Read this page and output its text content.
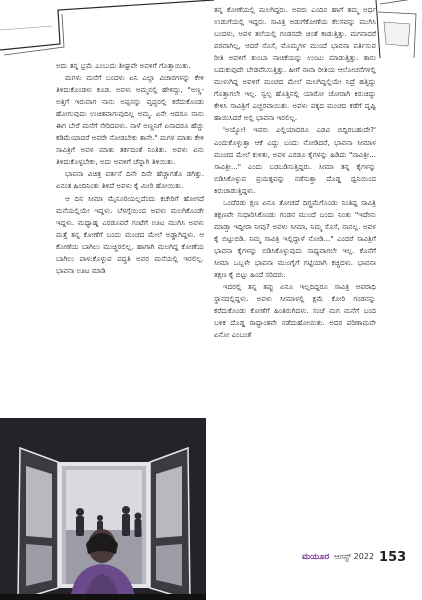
ಅದು ತನ್ನ ಭ್ರಮೆ ಎಂಬುದು ಶೀಘ್ರವೇ ಅವಳಿಗೆ ಗೊತ್ತಾಯಿತು.

ಮಗಳು ಮನೆಗೆ ಬಂದಳು ಏನಿ ಎಲ್ಲಾ ವಿಚಾರಗಳನ್ನು ಕೇಳಿ ತಿಳಿದುಕೊಂಡಳು ಕೂಡ. ಅವಳು ಅಮ್ಮನಲ್ಲಿ ಹೇಳಿದ್ದು, "ಅಣ್ಣ-ಅತ್ತಿಗೆ ಇರುವಾಗ ನಾನು ಅಪ್ಪನನ್ನು ವೃದ್ಧರಲ್ಲಿ ಕರೆದುಕೊಂಡು ಹೋಗುವುದು ಉಚಿತವಾಗುವುದಿಲ್ಲ ಅಮ್ಮ. ಏನೇ ಆದರೂ ನಾನು ಈಗ ಬೇರೆ ಮನೆಗೆ ಸೇರಿದವಳು. ನಾಳೆ ಅಣ್ಣನಿಗೆ ಏನಾದರೂ ಹೆಚ್ಚು ಕಡಿಮೆಯಾದರೆ ಅವರೇ ನೋಡಬೇಕು ತಾನೇ." ಮಗಳ ಮಾತು ಕೇಳಿ ಸಾವಿತ್ರಿಗೆ ಅವಳ ಮಾತು ತರ್ಕದಂತೆ ನಿಂತಿತು. ಅವಳು ಏನು ತಿಳಿದುಕೊಳ್ಳಬೇಕು, ಅದು ಅವಳಿಗೆ ಚೆನ್ನಾಗಿ ತಿಳಿಯಿತು.

ಭಾವನಾ ವಿಚಿತ್ರ ವರ್ತನೆ ದಿನೇ ದಿನೇ ಹೆಚ್ಚಾಗತೊ ಡಗಿತ್ತು. ಏನಂತ ಹಿಂದಿನಿಂತು ತಿಳಿದೆ ಅವಳು ಕೈ ಮೀರಿ ಹೋಯಿತು.

ಆ ದಿನ ಸೀಮಾ ಮೈಸೂರಿಯಲ್ಲದೆಂದು ಕಚೇರಿಗೆ ಹೋಗದೆ ಮನೆಯಲ್ಲಿಯೇ ಇದ್ದಳು. ಬೆಳಗ್ಗೆಯಿಂದ ಅವಳು ಮಲಗಿಕೊಂಡೇ ಇದ್ದಳು. ಮಧ್ಯಾಹ್ನ ಎರಡೂವರೆ ಗಂಟೆಗೆ ಊಟ ಮುಗಿಸಿ ಅವಳು ಮತ್ತೆ ತನ್ನ ಕೋಣೆಗೆ ಬಂದು ಮಂಚದ ಮೇಲೆ ಅಡ್ಡಾಗಿದ್ದಳು. ಆ ಕೋಣೆಯ ಬಾಗಿಲು ಮುಚ್ಚಿರಲಿಲ್ಲ. ಹಾಗಾಗಿ ಮಲಗಿದ್ದ ಕೋಣೆಯ ಬಾಗಿಲು ಪಾಳುಕೊಳ್ಳುವ ಪದ್ಧತಿ ಅವರ ಮನೆಯಲ್ಲಿ ಇರಲಿಲ್ಲ. ಭಾವನಾ ಊಟ ಮಾಡಿ

ತನ್ನ ಕೋಣೆಯಲ್ಲಿ ಮಲಗಿದ್ದರು. ಅವರು ಎಂದಿನ ಹಾಗೆ ತಮ್ಮ ಅರ್ಧ ಉಡುಗೆಯಲ್ಲಿ ಇದ್ದರು. ಸಾವಿತ್ರಿ ಅಡುಗೆಕೋಣೆಯ ಕೆಲಸವನ್ನು ಮುಗಿಸಿ ಬಂದಳು, ಅವಳ ತಲೆಯಲ್ಲಿ ಗಂಡನದೇ ಚಿಂತೆ ಕಾಡುತ್ತಿತ್ತು. ಮಗನಾದರೆ ಪರವಾಗಿಲ್ಲ, ಆದರೆ ಸೊಸೆ, ಮೊಮ್ಮಗಳ ಮುಂದೆ ಭಾವನಾ ವರ್ತಿಸುವ ರೀತಿ ಅವಳಿಗೆ ತುಂಬಾ ನಾಚಿಕೆಯನ್ನು ಉಂಟು ಮಾಡುತ್ತಿತ್ತು. ತಾನು ಬದುಕುವುದೇ ಬೇಡವೆನಿಸುತ್ತಿತ್ತು. ಹೀಗೆ ನಾನಾ ರೀತಿಯ ಆಲೋಚನೆಗಳಲ್ಲಿ ಮುಳುಗಿದ್ದ ಅವಳಿಗೆ ಮಂಚದ ಮೇಲೆ ಮಲಗಿದ್ದಲ್ಲಿಯೇ ನಿದ್ರೆ ಹತ್ತಿದ್ದು ಗೊತ್ತಾಗಲೇ ಇಲ್ಲ. ಸ್ವಲ್ಪ ಹೊತ್ತಿನಲ್ಲಿ ಯಾರೋ ಜೋರಾಗಿ ಕಿರುಚಿದ್ದು ಕೇಳಿಸಿ ಸಾವಿತ್ರಿಗೆ ಎಚ್ಚರವಾಯಿತು. ಅವಳು ಪಕ್ಕದ ಮಂಚದ ಕಡೆಗೆ ದೃಷ್ಟಿ ಹಾಯಿಸಿದರೆ ಅಲ್ಲಿ ಭಾವನಾ ಇರಲಿಲ್ಲ.

'ಅಯ್ಯೋ! ಇವರು ಎಲ್ಲಿಯಾದರೂ ಎಡವಿ ಬಿದ್ದಿರಬಹುದೇ?' ಎಂದುಕೊಳ್ಳುತ್ತಾ ಆಕೆ ಎದ್ದು ಬಂದು ನೋಡಿದರೆ, ಭಾವನಾ ಸೀಮಾಳ ಮಂಚದ ಮೇಲೆ ಕುಳಿತು, ಅವಳ ಎರಡೂ ಕೈಗಳನ್ನು ಹಿಡಿದು "ಸಾವಿತ್ರೀ... ಸಾವಿತ್ರೀ..." ಎಂದು ಬಡಬಡಿಸುತ್ತಿದ್ದರು. ಸೀಮಾ ತನ್ನ ಕೈಗಳನ್ನು ಬಿಡಿಸಿಕೊಳ್ಳುವ ಪ್ರಯತ್ನವನ್ನು ನಡೆಸುತ್ತಾ ದೊಡ್ಡ ಧ್ವನಿಯಿಂದ ಕಿರುಚಾಡುತ್ತಿದ್ದಳು.

ಒಂದೆರಡು ಕ್ಷಣ ಏನೂ ತೋಚದೆ ದಿಗ್ಭ್ರಮೆಗೊಂಡು ನಿಂತಿದ್ದ ಸಾವಿತ್ರಿ ತಕ್ಷಣವೇ ಸುಧಾರಿಸಿಕೊಂಡು ಗಂಡನ ಮುಂದೆ ಬಂದು ನಿಂತು "ಇದೇನು ಮಾಡ್ತಾ ಇದ್ದೀರಾ ನೀವು? ಅವಳು ಸೀಮಾ, ನಿಮ್ಮ ಸೊಸೆ, ನಾನಲ್ಲ. ಅವಳ ಕೈ ಬಿಟ್ಟುಬಿಡಿ. ನಿಮ್ಮ ಸಾವಿತ್ರಿ ಇಲ್ಲಿದ್ದಾಳೆ ನೋಡಿ..." ಎಂದರೆ ಸಾವಿತ್ರಿಗೆ ಭಾವನಾ ಕೈಗಳನ್ನು ಬಿಡಿಸಿಕೊಳ್ಳುವುದು ಸಾಧ್ಯವಾಗಲೇ ಇಲ್ಲ. ಕೊನೆಗೆ ಸೀಮಾ ಒಬ್ಬಳೇ ಭಾವನಾ ಮುಂಗೈಗೆ ಗಟ್ಟಿಯಾಗಿ ಕಚ್ಚಿದಳು. ಭಾವನಾ ತಕ್ಷಣ ಕೈ ಬಿಟ್ಟು ಹಿಂದೆ ಸರಿದರು.

ಇದರಲ್ಲಿ ತನ್ನ ತಪ್ಪು ಏನೂ ಇಲ್ಲದಿದ್ದರೂ ಸಾವಿತ್ರಿ ಅಪರಾಧಿ ಸ್ಥಾನದಲ್ಲಿದ್ದಳು. ಅವಳು ಸೀಮಾಳಲ್ಲಿ ಕ್ಷಮೆ ಕೋರಿ ಗಂಡನನ್ನು ಕರೆದುಕೊಂಡು ಕೋಣೆಗೆ ಹಿಂತಿರುಗಿದಳು. ಸಂಜೆ ಮಗ ಮನೆಗೆ ಬಂದ ಬಳಿಕ ದೊಡ್ಡ ರಾದ್ಧಾಂತವೇ ನಡೆದುಹೋಯಿತು. ಅದರ ಪರಿಣಾಮವೇ ಏನೋ ಎಂಬಂತೆ

ಮಯೂರ ಆಗಸ್ಟ್ 2022 153
